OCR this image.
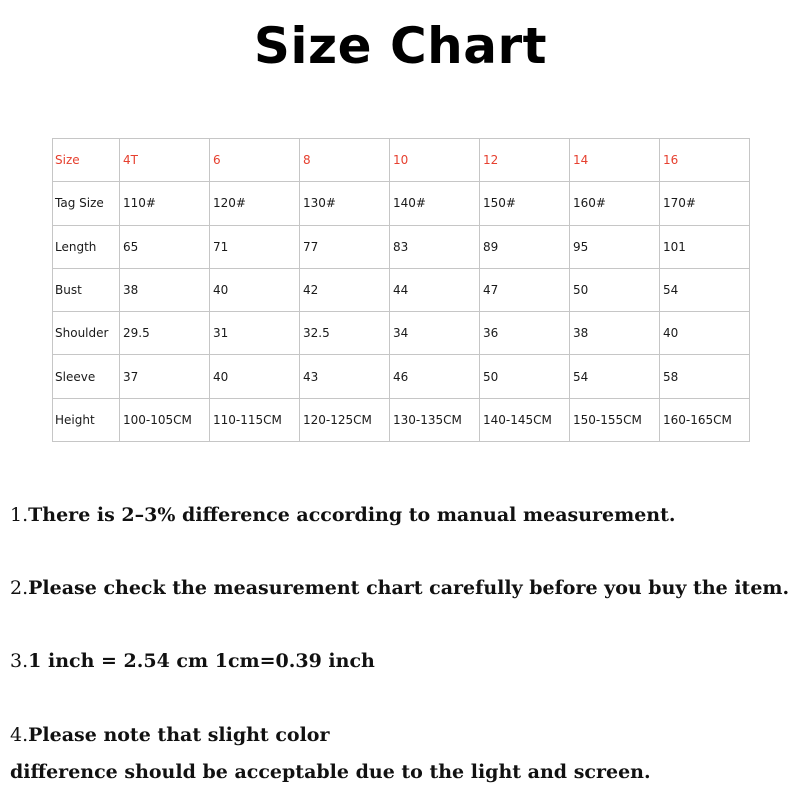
Size Chart
Size	4T	6	8	10	12	14	16
Tag Size	110#	120#	130#	140#	150#	160#	170#
Length	65	71	77	83	89	95	101
Bust	38	40	42	44	47	50	54
Shoulder	29.5	31	32.5	34	36	38	40
Sleeve	37	40	43	46	50	54	58
Height	100-105CM	110-115CM	120-125CM	130-135CM	140-145CM	150-155CM	160-165CM
1.There is 2–3% difference according to manual measurement.
2.Please check the measurement chart carefully before you buy the item.
3.1 inch = 2.54 cm 1cm=0.39 inch
4.Please note that slight color
difference should be acceptable due to the light and screen.
